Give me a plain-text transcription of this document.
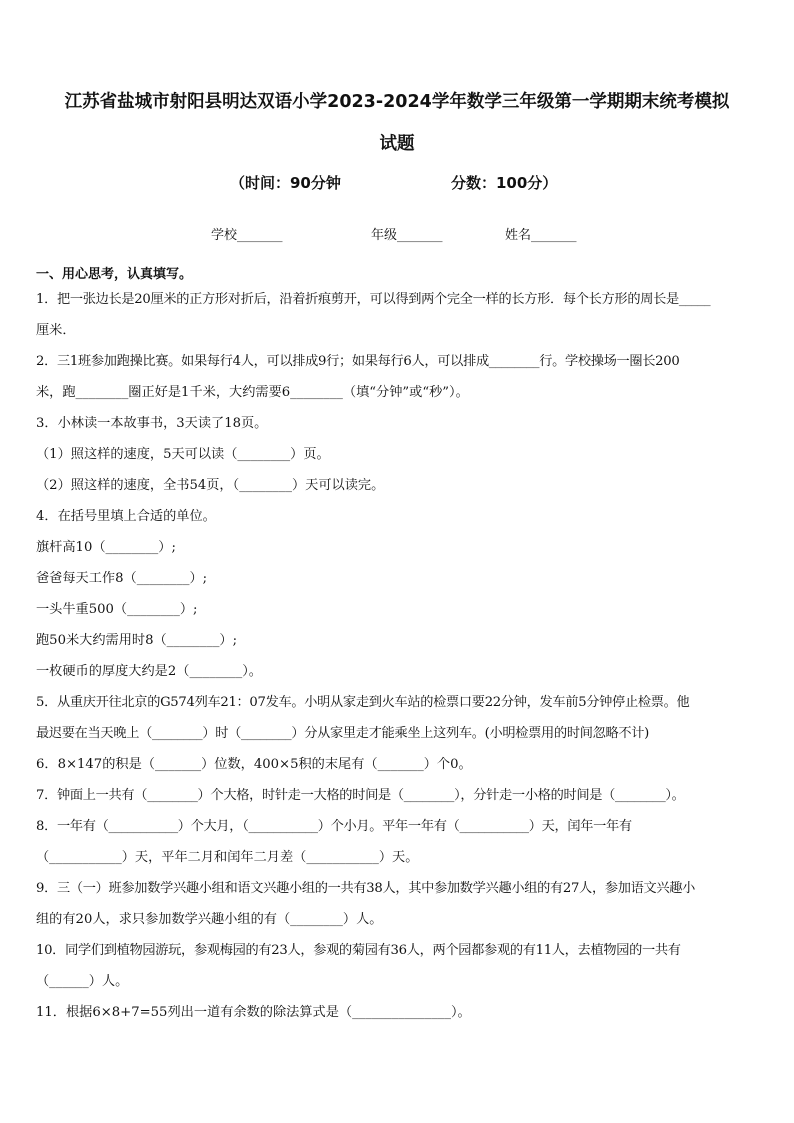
江苏省盐城市射阳县明达双语小学2023-2024学年数学三年级第一学期期末统考模拟
试题
（时间：90分钟	分数：100分）
学校_______	年级_______	姓名_______
一、用心思考，认真填写。
1．把一张边长是20厘米的正方形对折后，沿着折痕剪开，可以得到两个完全一样的长方形．每个长方形的周长是_____
厘米．
2．三1班参加跑操比赛。如果每行4人，可以排成9行；如果每行6人，可以排成________行。学校操场一圈长200
米，跑________圈正好是1千米，大约需要6________（填“分钟”或“秒”）。
3．小林读一本故事书，3天读了18页。
（1）照这样的速度，5天可以读（________）页。
（2）照这样的速度，全书54页，（________）天可以读完。
4．在括号里填上合适的单位。
旗杆高10（________）;
爸爸每天工作8（________）;
一头牛重500（________）;
跑50米大约需用时8（________）;
一枚硬币的厚度大约是2（________）。
5．从重庆开往北京的G574列车21：07发车。小明从家走到火车站的检票口要22分钟，发车前5分钟停止检票。他
最迟要在当天晚上（________）时（________）分从家里走才能乘坐上这列车。(小明检票用的时间忽略不计)
6．8×147的积是（_______）位数，400×5积的末尾有（_______）个0。
7．钟面上一共有（________）个大格，时针走一大格的时间是（________），分针走一小格的时间是（________）。
8．一年有（___________）个大月，（___________）个小月。平年一年有（___________）天，闰年一年有
（___________）天，平年二月和闰年二月差（___________）天。
9．三（一）班参加数学兴趣小组和语文兴趣小组的一共有38人，其中参加数学兴趣小组的有27人，参加语文兴趣小
组的有20人，求只参加数学兴趣小组的有（________）人。
10．同学们到植物园游玩，参观梅园的有23人，参观的菊园有36人，两个园都参观的有11人，去植物园的一共有
（______）人。
11．根据6×8+7=55列出一道有余数的除法算式是（_______________）。
